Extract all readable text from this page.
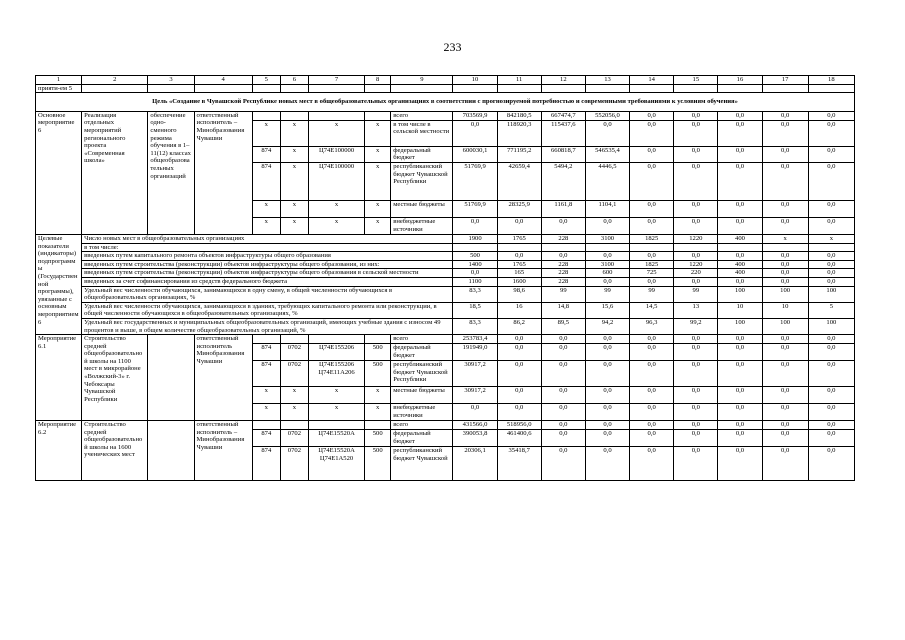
233
1	2	3	4	5	6	7	8	9	10	11	12	13	14	15	16	17	18
прияти-ем 5																	
Цель «Создание в Чувашской Республике новых мест в общеобразовательных организациях в соответствии с прогнозируемой потребностью и современными требованиями к условиям обучения»																	
Основное мероприятие 6	Реализация отдельных мероприятий регионального проекта «Современная школа»	обеспечение одно-сменного режима обучения в 1–11(12) классах общеобразовательных организаций	ответственный исполнитель – Минобразования Чувашии					всего	703569,9	842180,5	667474,7	552056,0	0,0	0,0	0,0	0,0	0,0
				x	x	x	x	в том числе в сельской местности	0,0	118920,3	115437,6	0,0	0,0	0,0	0,0	0,0	0,0
				874	x	Ц74Е100000	x	федеральный бюджет	600030,1	771195,2	660818,7	546535,4	0,0	0,0	0,0	0,0	0,0
				874	x	Ц74Е100000	x	республиканский бюджет Чувашской Республики	51769,9	42659,4	5494,2	4446,5	0,0	0,0	0,0	0,0	0,0
				x	x	x	x	местные бюджеты	51769,9	28325,9	1161,8	1104,1	0,0	0,0	0,0	0,0	0,0
				x	x	x	x	внебюджетные источники	0,0	0,0	0,0	0,0	0,0	0,0	0,0	0,0	0,0
Целевые показатели (индикаторы) подпрограммы (Государственной программы), увязанные с основным мероприятием 6	Число новых мест в общеобразовательных организациях								1900	1765	228	3100	1825	1220	400	x	x
	в том числе:																
	введенных путем капитального ремонта объектов инфраструктуры общего образования								500	0,0	0,0	0,0	0,0	0,0	0,0	0,0	0,0
	введенных путем строительства (реконструкции) объектов инфраструктуры общего образования, из них:								1400	1765	228	3100	1825	1220	400	0,0	0,0
	введенных путем строительства (реконструкции) объектов инфраструктуры общего образования в сельской местности								0,0	165	228	600	725	220	400	0,0	0,0
	введенных за счет софинансирования из средств федерального бюджета								1100	1600	228	0,0	0,0	0,0	0,0	0,0	0,0
	Удельный вес численности обучающихся, занимающихся в одну смену, в общей численности обучающихся в общеобразовательных организациях, %								83,3	98,6	99	99	99	99	100	100	100
	Удельный вес численности обучающихся, занимающихся в зданиях, требующих капитального ремонта или реконструкции, в общей численности обучающихся в общеобразовательных организациях, %								18,5	16	14,8	15,6	14,5	13	10	10	5
	Удельный вес государственных и муниципальных общеобразовательных организаций, имеющих учебные здания с износом 49 процентов и выше, в общем количестве общеобразовательных организаций, %								83,3	86,2	89,5	94,2	96,3	99,2	100	100	100
Мероприятие 6.1	Строительство средней общеобразовательной школы на 1100 мест в микрорайоне «Волжский-3» г. Чебоксары Чувашской Республики		ответственный исполнитель Минобразования Чувашии					всего	253783,4	0,0	0,0	0,0	0,0	0,0	0,0	0,0	0,0
				874	0702	Ц74Е155206	500	федеральный бюджет	191949,0	0,0	0,0	0,0	0,0	0,0	0,0	0,0	0,0
				874	0702	Ц74Е155206 Ц74Е11А206	500	республиканский бюджет Чувашской Республики	30917,2	0,0	0,0	0,0	0,0	0,0	0,0	0,0	0,0
				x	x	x	x	местные бюджеты	30917,2	0,0	0,0	0,0	0,0	0,0	0,0	0,0	0,0
				x	x	x	x	внебюджетные источники	0,0	0,0	0,0	0,0	0,0	0,0	0,0	0,0	0,0
Мероприятие 6.2	Строительство средней общеобразовательной школы на 1600 ученических мест		ответственный исполнитель – Минобразования Чувашии					всего	431566,0	518956,0	0,0	0,0	0,0	0,0	0,0	0,0	0,0
				874	0702	Ц74Е15520А	500	федеральный бюджет	390053,8	461400,6	0,0	0,0	0,0	0,0	0,0	0,0	0,0
				874	0702	Ц74Е15520А Ц74Е1А520	500	республиканский бюджет Чувашской	20306,1	35418,7	0,0	0,0	0,0	0,0	0,0	0,0	0,0
